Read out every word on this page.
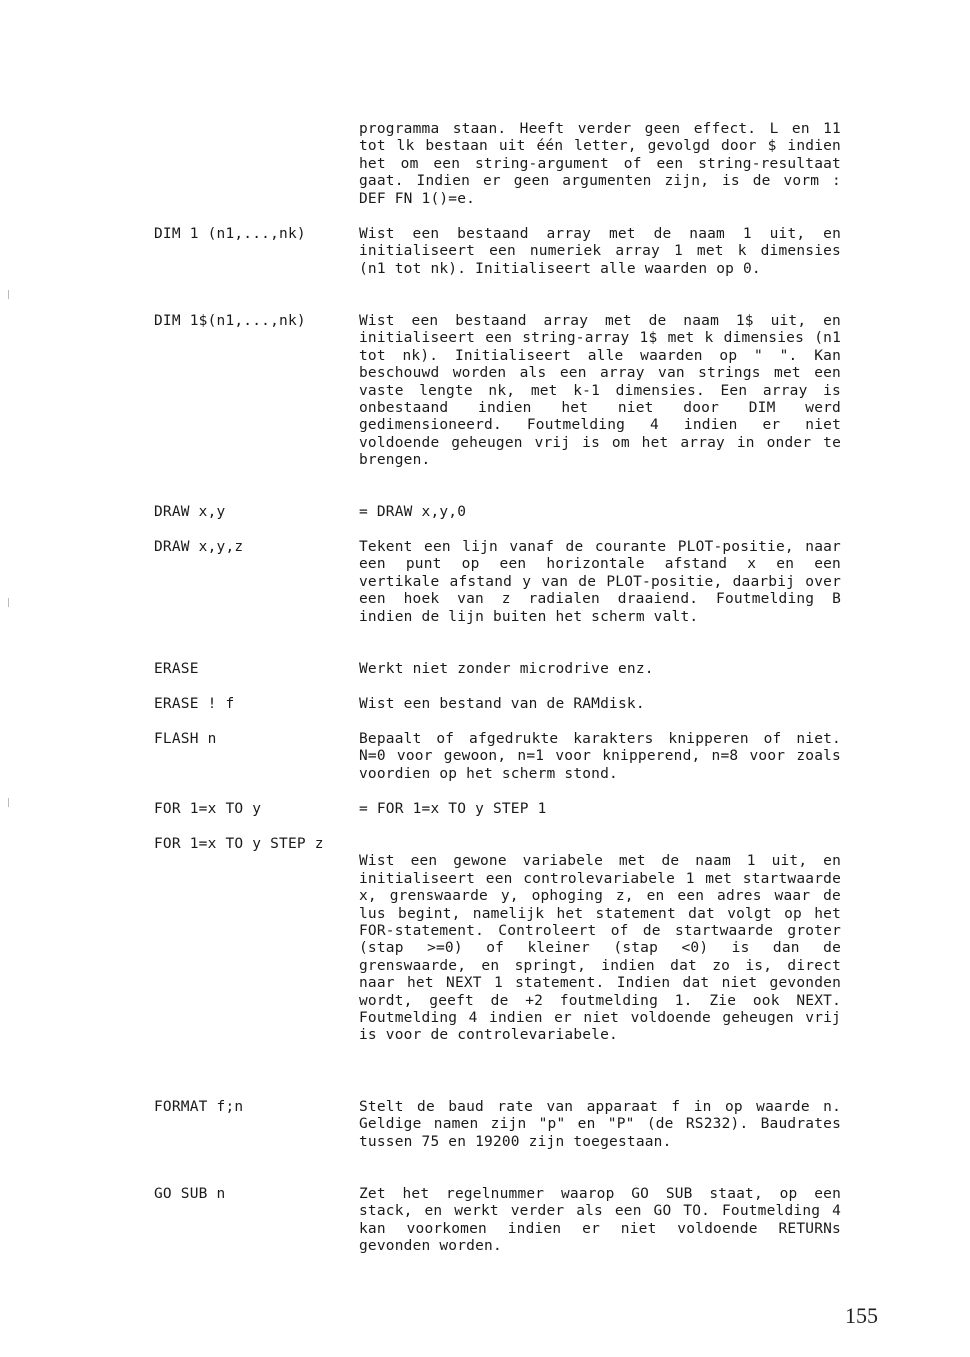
programma staan. Heeft verder geen effect. L en 11 tot lk bestaan uit één letter, gevolgd door $ indien het om een string-argument of een string-resultaat gaat. Indien er geen argumenten zijn, is de vorm : DEF FN 1()=e.
DIM 1 (n1,...,nk)	Wist een bestaand array met de naam 1 uit, en initialiseert een numeriek array 1 met k dimensies (n1 tot nk). Initialiseert alle waarden op 0.
DIM 1$(n1,...,nk)	Wist een bestaand array met de naam 1$ uit, en initialiseert een string-array 1$ met k dimensies (n1 tot nk). Initialiseert alle waarden op " ". Kan beschouwd worden als een array van strings met een vaste lengte nk, met k-1 dimensies. Een array is onbestaand indien het niet door DIM werd gedimensioneerd. Foutmelding 4 indien er niet voldoende geheugen vrij is om het array in onder te brengen.
DRAW x,y	= DRAW x,y,0
DRAW x,y,z	Tekent een lijn vanaf de courante PLOT-positie, naar een punt op een horizontale afstand x en een vertikale afstand y van de PLOT-positie, daarbij over een hoek van z radialen draaiend. Foutmelding B indien de lijn buiten het scherm valt.
ERASE	Werkt niet zonder microdrive enz.
ERASE ! f	Wist een bestand van de RAMdisk.
FLASH n	Bepaalt of afgedrukte karakters knipperen of niet. N=0 voor gewoon, n=1 voor knipperend, n=8 voor zoals voordien op het scherm stond.
FOR 1=x TO y	= FOR 1=x TO y STEP 1
FOR 1=x TO y STEP z
Wist een gewone variabele met de naam 1 uit, en initialiseert een controlevariabele 1 met startwaarde x, grenswaarde y, ophoging z, en een adres waar de lus begint, namelijk het statement dat volgt op het FOR-statement. Controleert of de startwaarde groter (stap >=0) of kleiner (stap <0) is dan de grenswaarde, en springt, indien dat zo is, direct naar het NEXT 1 statement. Indien dat niet gevonden wordt, geeft de +2 foutmelding 1. Zie ook NEXT. Foutmelding 4 indien er niet voldoende geheugen vrij is voor de controlevariabele.
FORMAT f;n	Stelt de baud rate van apparaat f in op waarde n. Geldige namen zijn "p" en "P" (de RS232). Baudrates tussen 75 en 19200 zijn toegestaan.
GO SUB n	Zet het regelnummer waarop GO SUB staat, op een stack, en werkt verder als een GO TO. Foutmelding 4 kan voorkomen indien er niet voldoende RETURNs gevonden worden.
155
